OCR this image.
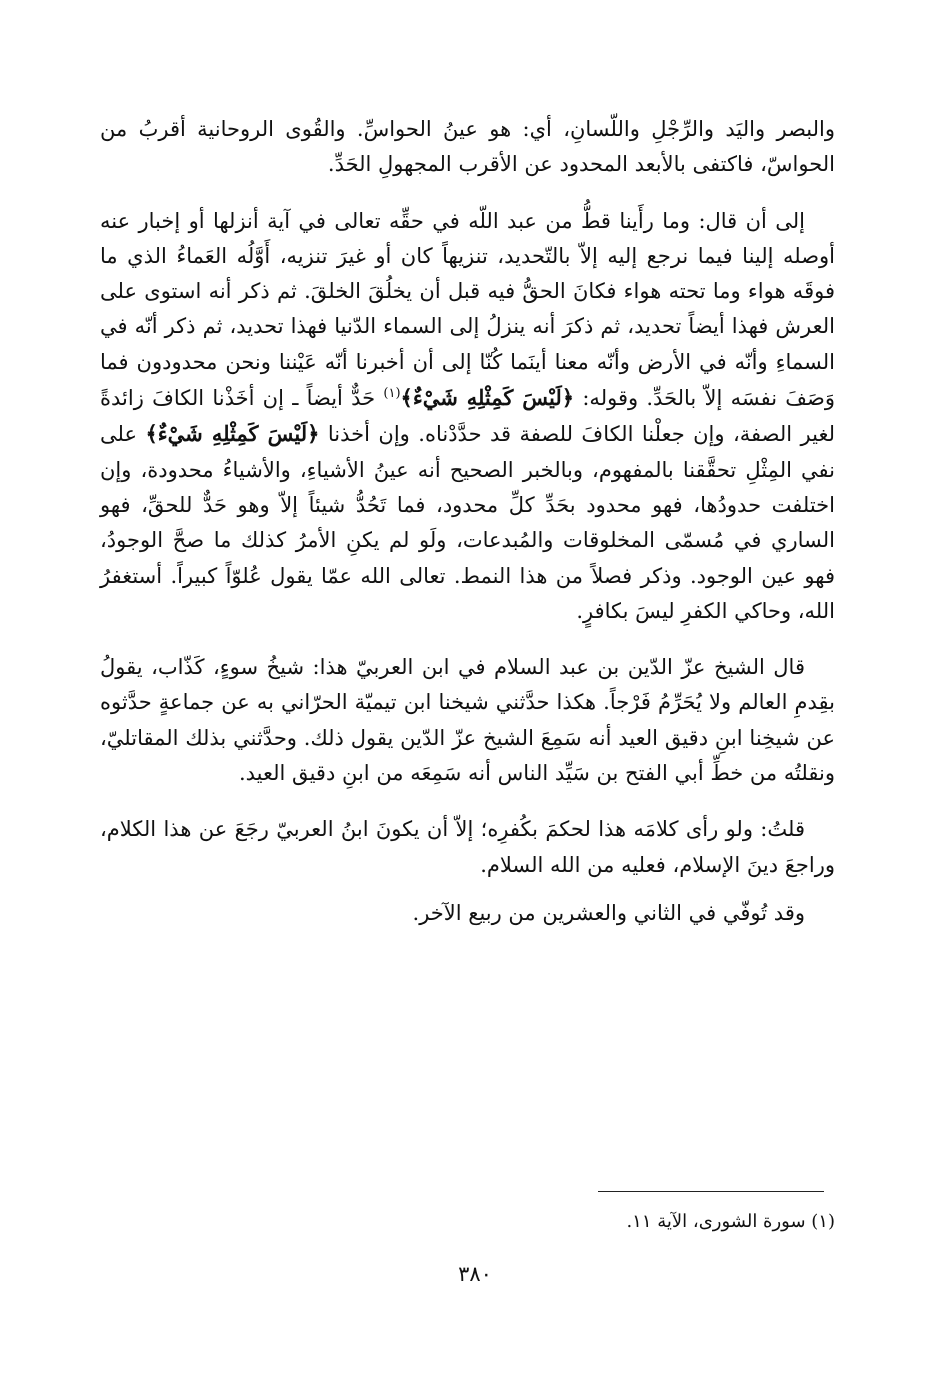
والبصر واليَد والرِّجْلِ واللّسانِ، أي: هو عينُ الحواسِّ. والقُوى الروحانية أقربُ من الحواسّ، فاكتفى بالأبعد المحدود عن الأقرب المجهولِ الحَدِّ.

إلى أن قال: وما رأَينا قطُّ من عبد اللّه في حقِّه تعالى في آية أنزلها أو إخبار عنه أوصله إلينا فيما نرجع إليه إلاّ بالتّحديد، تنزيهاً كان أو غيرَ تنزيه، أَوَّلُه العَماءُ الذي ما فوقَه هواء وما تحته هواء فكانَ الحقُّ فيه قبل أن يخلُقَ الخلقَ. ثم ذكر أنه استوى على العرش فهذا أيضاً تحديد، ثم ذكرَ أنه ينزلُ إلى السماء الدّنيا فهذا تحديد، ثم ذكر أنّه في السماءِ وأنّه في الأرض وأنّه معنا أينَما كُنّا إلى أن أخبرنا أنّه عَيْننا ونحن محدودون فما وَصَفَ نفسَه إلاّ بالحَدِّ. وقوله: ﴿لَيْسَ كَمِثْلِهِ شَيْءٌ﴾$^{(١)}$ حَدٌّ أيضاً ـ إن أخَذْنا الكافَ زائدةً لغير الصفة، وإن جعلْنا الكافَ للصفة قد حدَّدْناه. وإن أخذنا ﴿لَيْسَ كَمِثْلِهِ شَيْءٌ﴾ على نفي المِثْلِ تحقَّقنا بالمفهوم، وبالخبر الصحيح أنه عينُ الأشياءِ، والأشياءُ محدودة، وإن اختلفت حدودُها، فهو محدود بحَدِّ كلِّ محدود، فما تَحُدُّ شيئاً إلاّ وهو حَدٌّ للحقِّ، فهو الساري في مُسمّى المخلوقات والمُبدعات، ولَو لم يكنِ الأمرُ كذلك ما صحَّ الوجودُ، فهو عين الوجود. وذكر فصلاً من هذا النمط. تعالى الله عمّا يقول عُلوّاً كبيراً. أستغفرُ الله، وحاكي الكفرِ ليسَ بكافرٍ.

قال الشيخ عزّ الدّين بن عبد السلام في ابن العربيّ هذا: شيخُ سوءٍ، كَذّاب، يقولُ بقِدمِ العالم ولا يُحَرِّمُ فَرْجاً. هكذا حدَّثني شيخنا ابن تيميّة الحرّاني به عن جماعةٍ حدَّثوه عن شيخِنا ابنِ دقيق العيد أنه سَمِعَ الشيخ عزّ الدّين يقول ذلك. وحدَّثني بذلك المقاتليّ، ونقلتُه من خطِّ أبي الفتح بن سَيِّد الناس أنه سَمِعَه من ابنِ دقيق العيد.

قلتُ: ولو رأى كلامَه هذا لحكمَ بكُفرِه؛ إلاّ أن يكونَ ابنُ العربيّ رجَعَ عن هذا الكلام، وراجعَ دينَ الإسلام، فعليه من الله السلام.

وقد تُوفّي في الثاني والعشرين من ربيع الآخر.

(١) سورة الشورى، الآية ١١.
٣٨٠
